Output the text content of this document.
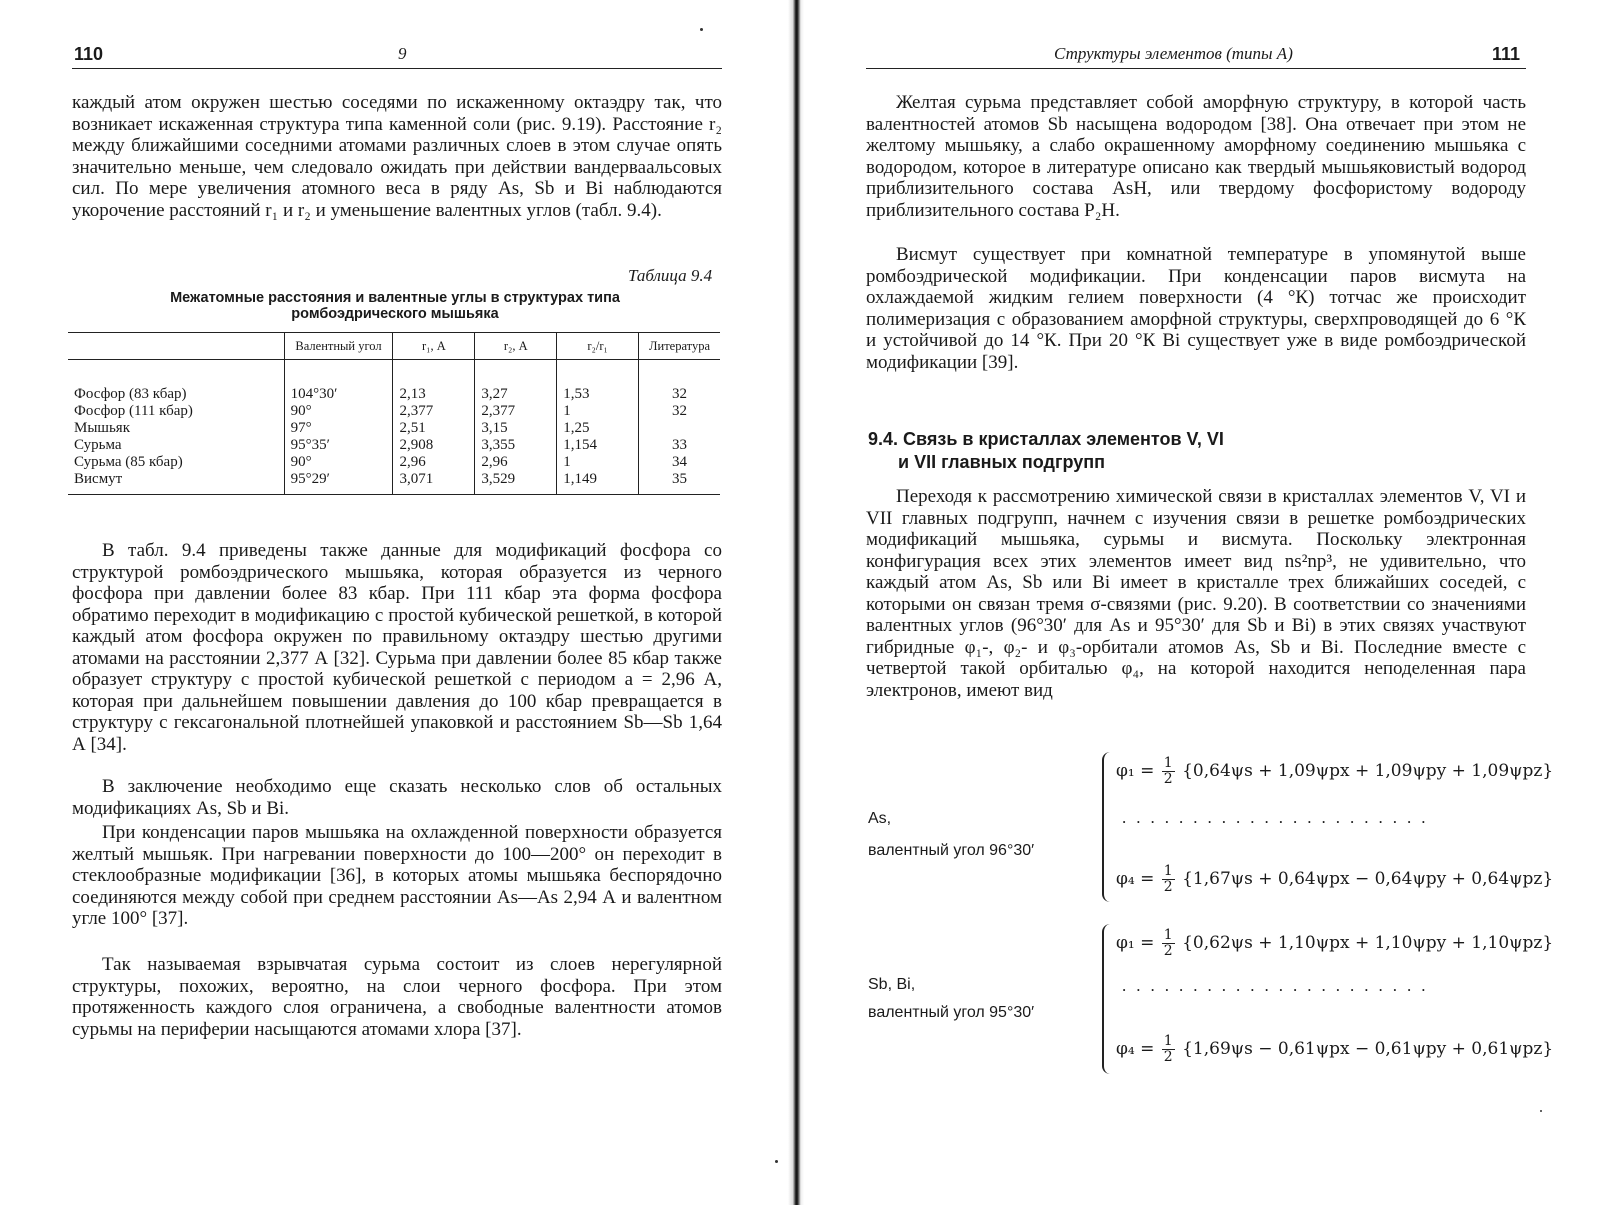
110	9

каждый атом окружен шестью соседями по искаженному октаэдру так, что возникает искаженная структура типа каменной соли (рис. 9.19). Расстояние r₂ между ближайшими соседними атомами различных слоев в этом случае опять значительно меньше, чем следовало ожидать при действии вандерваальсовых сил. По мере увеличения атомного веса в ряду As, Sb и Bi наблюдаются укорочение расстояний r₁ и r₂ и уменьшение валентных углов (табл. 9.4).

Таблица 9.4
Межатомные расстояния и валентные углы в структурах типа ромбоэдрического мышьяка
	Валентный угол	r₁, А	r₂, А	r₂/r₁	Литература
Фосфор (83 кбар)	104°30′	2,13	3,27	1,53	32
Фосфор (111 кбар)	90°	2,377	2,377	1	32
Мышьяк	97°	2,51	3,15	1,25	
Сурьма	95°35′	2,908	3,355	1,154	33
Сурьма (85 кбар)	90°	2,96	2,96	1	34
Висмут	95°29′	3,071	3,529	1,149	35

В табл. 9.4 приведены также данные для модификаций фосфора со структурой ромбоэдрического мышьяка, которая образуется из черного фосфора при давлении более 83 кбар. При 111 кбар эта форма фосфора обратимо переходит в модификацию с простой кубической решеткой, в которой каждый атом фосфора окружен по правильному октаэдру шестью другими атомами на расстоянии 2,377 А [32]. Сурьма при давлении более 85 кбар также образует структуру с простой кубической решеткой с периодом a = 2,96 А, которая при дальнейшем повышении давления до 100 кбар превращается в структуру с гексагональной плотнейшей упаковкой и расстоянием Sb—Sb 1,64 А [34].

В заключение необходимо еще сказать несколько слов об остальных модификациях As, Sb и Bi.

При конденсации паров мышьяка на охлажденной поверхности образуется желтый мышьяк. При нагревании поверхности до 100—200° он переходит в стеклообразные модификации [36], в которых атомы мышьяка беспорядочно соединяются между собой при среднем расстоянии As—As 2,94 А и валентном угле 100° [37].

Так называемая взрывчатая сурьма состоит из слоев нерегулярной структуры, похожих, вероятно, на слои черного фосфора. При этом протяженность каждого слоя ограничена, а свободные валентности атомов сурьмы на периферии насыщаются атомами хлора [37].

Структуры элементов (типы А)	111

Желтая сурьма представляет собой аморфную структуру, в которой часть валентностей атомов Sb насыщена водородом [38]. Она отвечает при этом не желтому мышьяку, а слабо окрашенному аморфному соединению мышьяка с водородом, которое в литературе описано как твердый мышьяковистый водород приблизительного состава AsH, или твердому фосфористому водороду приблизительного состава P₂H.

Висмут существует при комнатной температуре в упомянутой выше ромбоэдрической модификации. При конденсации паров висмута на охлаждаемой жидким гелием поверхности (4 °К) тотчас же происходит полимеризация с образованием аморфной структуры, сверхпроводящей до 6 °К и устойчивой до 14 °К. При 20 °К Bi существует уже в виде ромбоэдрической модификации [39].

9.4. Связь в кристаллах элементов V, VI
и VII главных подгрупп

Переходя к рассмотрению химической связи в кристаллах элементов V, VI и VII главных подгрупп, начнем с изучения связи в решетке ромбоэдрических модификаций мышьяка, сурьмы и висмута. Поскольку электронная конфигурация всех этих элементов имеет вид ns²np³, не удивительно, что каждый атом As, Sb или Bi имеет в кристалле трех ближайших соседей, с которыми он связан тремя σ-связями (рис. 9.20). В соответствии со значениями валентных углов (96°30′ для As и 95°30′ для Sb и Bi) в этих связях участвуют гибридные φ₁-, φ₂- и φ₃-орбитали атомов As, Sb и Bi. Последние вместе с четвертой такой орбиталью φ₄, на которой находится неподеленная пара электронов, имеют вид

As,
валентный угол 96°30′
$\varphi_1 = \frac{1}{2} \{0,64\psi s + 1,09\psi px + 1,09\psi py + 1,09\psi pz\}$
......................
$\varphi_4 = \frac{1}{2} \{1,67\psi s + 0,64\psi px - 0,64\psi py + 0,64\psi pz\}$
Sb, Bi,
валентный угол 95°30′
$\varphi_1 = \frac{1}{2} \{0,62\psi s + 1,10\psi px + 1,10\psi py + 1,10\psi pz\}$
......................
$\varphi_4 = \frac{1}{2} \{1,69\psi s - 0,61\psi px - 0,61\psi py + 0,61\psi pz\}$
